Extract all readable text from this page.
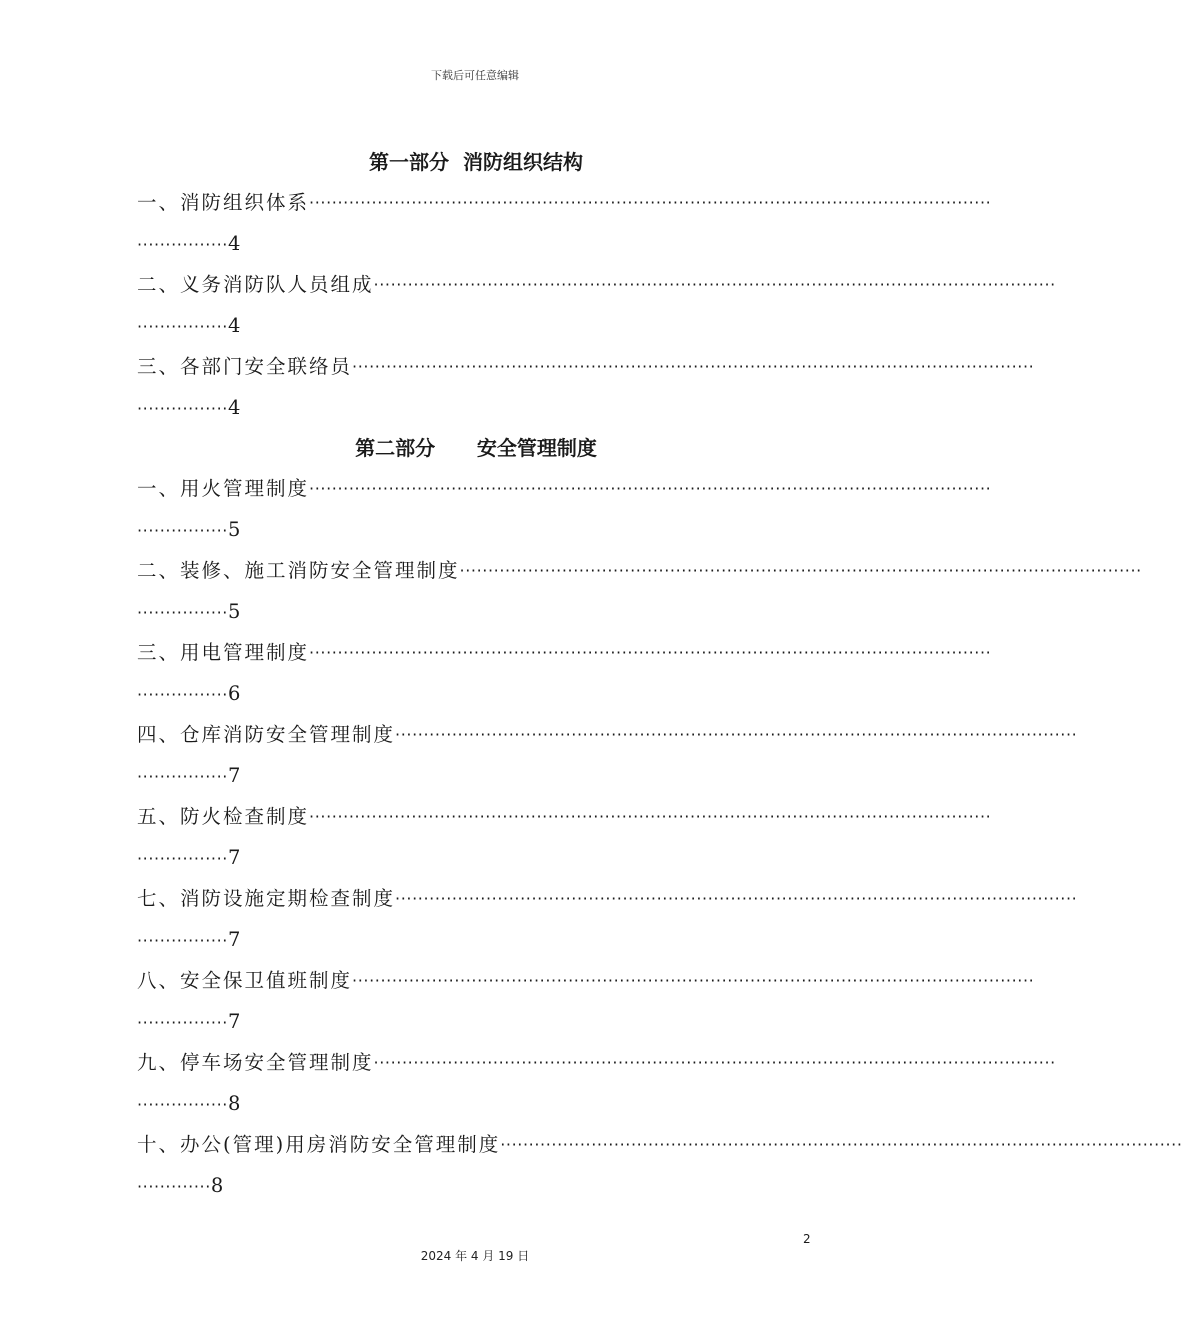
下载后可任意编辑
第一部分  消防组织结构
一、消防组织体系 ························································································································
················4
二、义务消防队人员组成 ························································································································
················4
三、各部门安全联络员 ························································································································
················4
第二部分      安全管理制度
一、用火管理制度 ························································································································
················5
二、装修、施工消防安全管理制度 ························································································································
················5
三、用电管理制度 ························································································································
················6
四、仓库消防安全管理制度 ························································································································
················7
五、防火检查制度 ························································································································
················7
七、消防设施定期检查制度 ························································································································
················7
八、安全保卫值班制度 ························································································································
················7
九、停车场安全管理制度 ························································································································
················8
十、办公(管理)用房消防安全管理制度 ························································································································
·············8
2
2024 年 4 月 19 日
